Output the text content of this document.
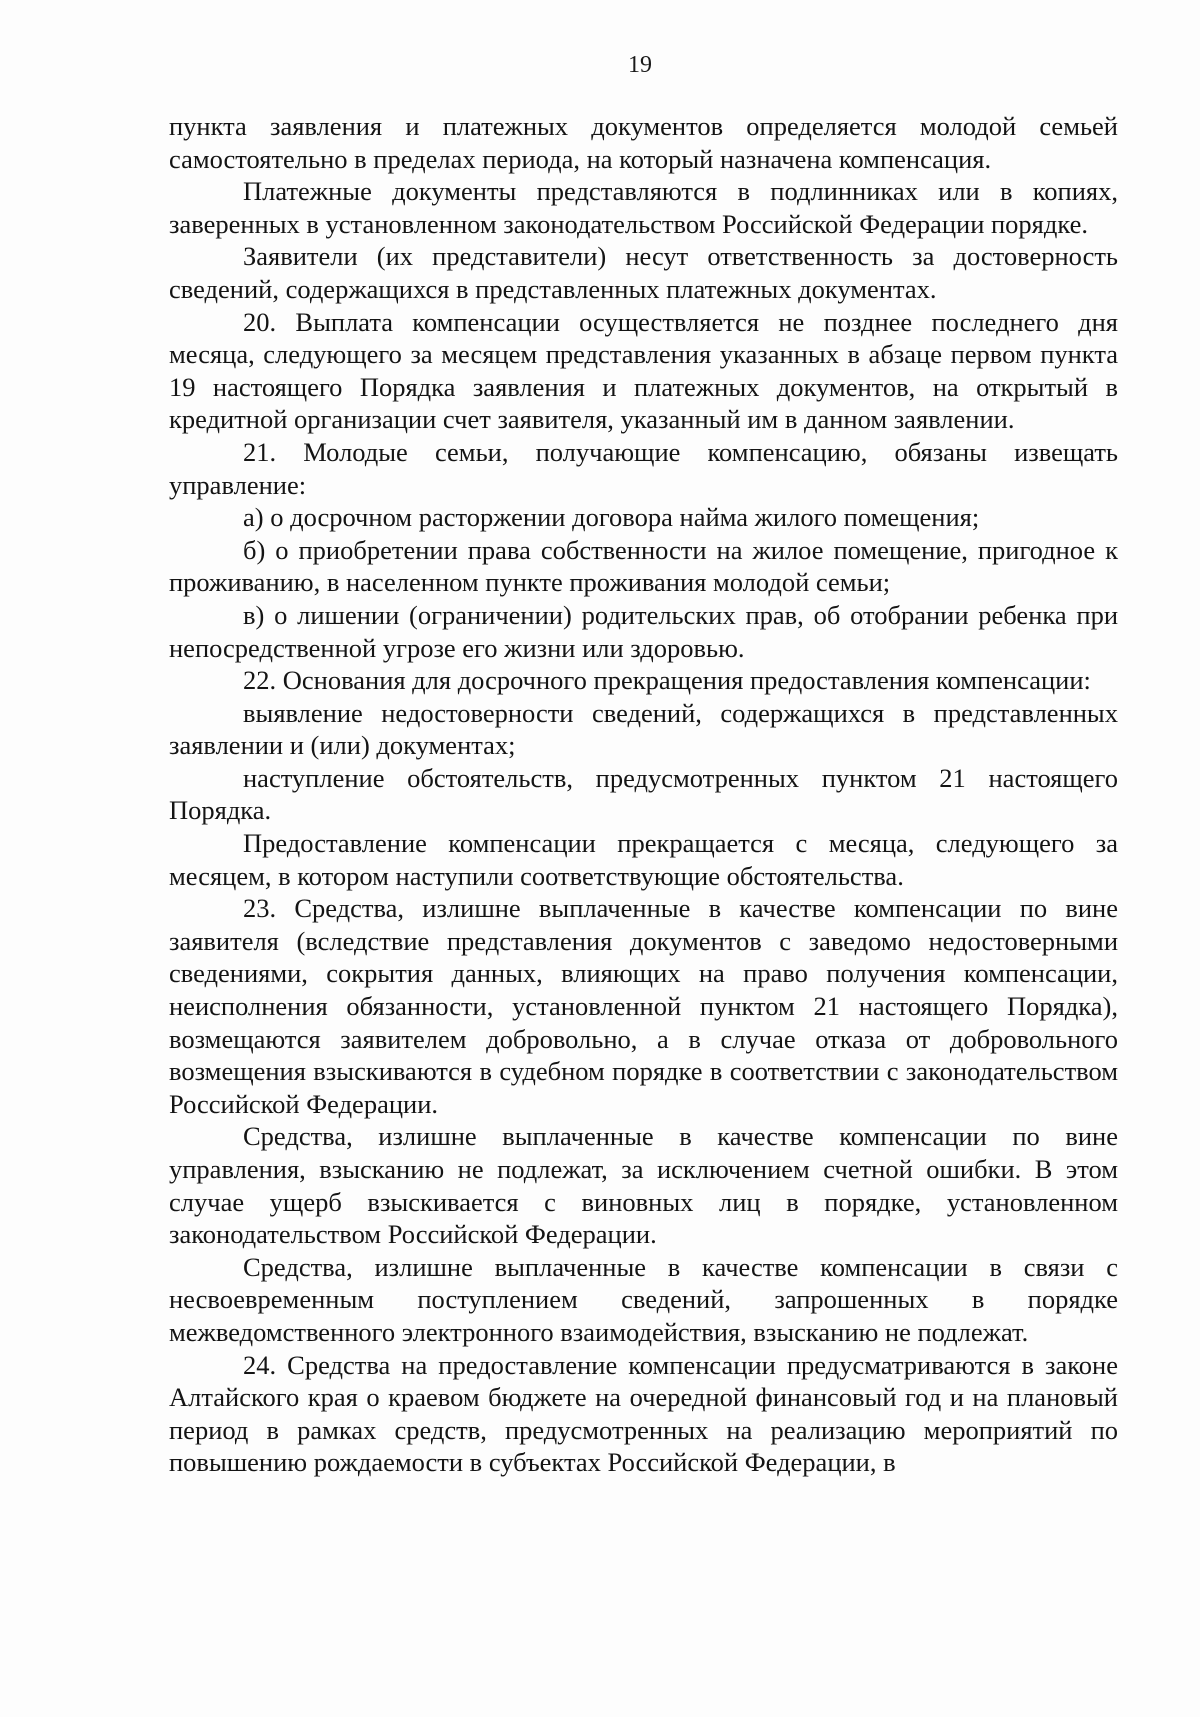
19

пункта заявления и платежных документов определяется молодой семьей самостоятельно в пределах периода, на который назначена компенсация.

Платежные документы представляются в подлинниках или в копиях, заверенных в установленном законодательством Российской Федерации порядке.

Заявители (их представители) несут ответственность за достоверность сведений, содержащихся в представленных платежных документах.

20. Выплата компенсации осуществляется не позднее последнего дня месяца, следующего за месяцем представления указанных в абзаце первом пункта 19 настоящего Порядка заявления и платежных документов, на открытый в кредитной организации счет заявителя, указанный им в данном заявлении.

21. Молодые семьи, получающие компенсацию, обязаны извещать управление:

а) о досрочном расторжении договора найма жилого помещения;

б) о приобретении права собственности на жилое помещение, пригодное к проживанию, в населенном пункте проживания молодой семьи;

в) о лишении (ограничении) родительских прав, об отобрании ребенка при непосредственной угрозе его жизни или здоровью.

22. Основания для досрочного прекращения предоставления компенсации:

выявление недостоверности сведений, содержащихся в представленных заявлении и (или) документах;

наступление обстоятельств, предусмотренных пунктом 21 настоящего Порядка.

Предоставление компенсации прекращается с месяца, следующего за месяцем, в котором наступили соответствующие обстоятельства.

23. Средства, излишне выплаченные в качестве компенсации по вине заявителя (вследствие представления документов с заведомо недостоверными сведениями, сокрытия данных, влияющих на право получения компенсации, неисполнения обязанности, установленной пунктом 21 настоящего Порядка), возмещаются заявителем добровольно, а в случае отказа от добровольного возмещения взыскиваются в судебном порядке в соответствии с законодательством Российской Федерации.

Средства, излишне выплаченные в качестве компенсации по вине управления, взысканию не подлежат, за исключением счетной ошибки. В этом случае ущерб взыскивается с виновных лиц в порядке, установленном законодательством Российской Федерации.

Средства, излишне выплаченные в качестве компенсации в связи с несвоевременным поступлением сведений, запрошенных в порядке межведомственного электронного взаимодействия, взысканию не подлежат.

24. Средства на предоставление компенсации предусматриваются в законе Алтайского края о краевом бюджете на очередной финансовый год и на плановый период в рамках средств, предусмотренных на реализацию мероприятий по повышению рождаемости в субъектах Российской Федерации, в
